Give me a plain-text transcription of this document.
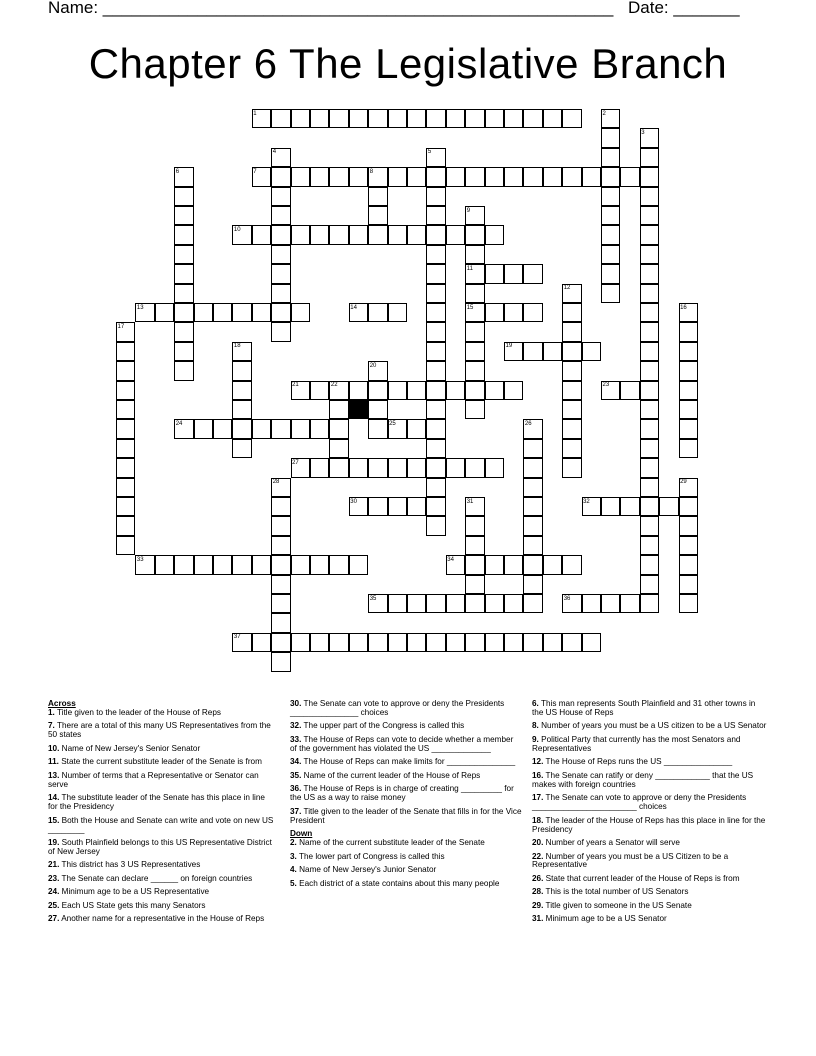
Name: ______________________________________________________ Date: _______
Chapter 6 The Legislative Branch
1	2
3
4	5
6	7	8
9
10
11
12
13	14	15	16
17
18	19
20
21	22	23
24	25	26
27
28	29
30	31	32
33	34
35	36
37
Across
1. Title given to the leader of the House of Reps
7. There are a total of this many US Representatives from the 50 states
10. Name of New Jersey's Senior Senator
11. State the current substitute leader of the Senate is from
13. Number of terms that a Representative or Senator can serve
14. The substitute leader of the Senate has this place in line for the Presidency
15. Both the House and Senate can write and vote on new US ________
19. South Plainfield belongs to this US Representative District of New Jersey
21. This district has 3 US Representatives
23. The Senate can declare ______ on foreign countries
24. Minimum age to be a US Representative
25. Each US State gets this many Senators
27. Another name for a representative in the House of Reps
30. The Senate can vote to approve or deny the Presidents _______________ choices
32. The upper part of the Congress is called this
33. The House of Reps can vote to decide whether a member of the government has violated the US _____________
34. The House of Reps can make limits for _______________
35. Name of the current leader of the House of Reps
36. The House of Reps is in charge of creating _________ for the US as a way to raise money
37. Title given to the leader of the Senate that fills in for the Vice President
Down
2. Name of the current substitute leader of the Senate
3. The lower part of Congress is called this
4. Name of New Jersey's Junior Senator
5. Each district of a state contains about this many people
6. This man represents South Plainfield and 31 other towns in the US House of Reps
8. Number of years you must be a US citizen to be a US Senator
9. Political Party that currently has the most Senators and Representatives
12. The House of Reps runs the US _______________
16. The Senate can ratify or deny ____________ that the US makes with foreign countries
17. The Senate can vote to approve or deny the Presidents _______________________ choices
18. The leader of the House of Reps has this place in line for the Presidency
20. Number of years a Senator will serve
22. Number of years you must be a US Citizen to be a Representative
26. State that current leader of the House of Reps is from
28. This is the total number of US Senators
29. Title given to someone in the US Senate
31. Minimum age to be a US Senator
